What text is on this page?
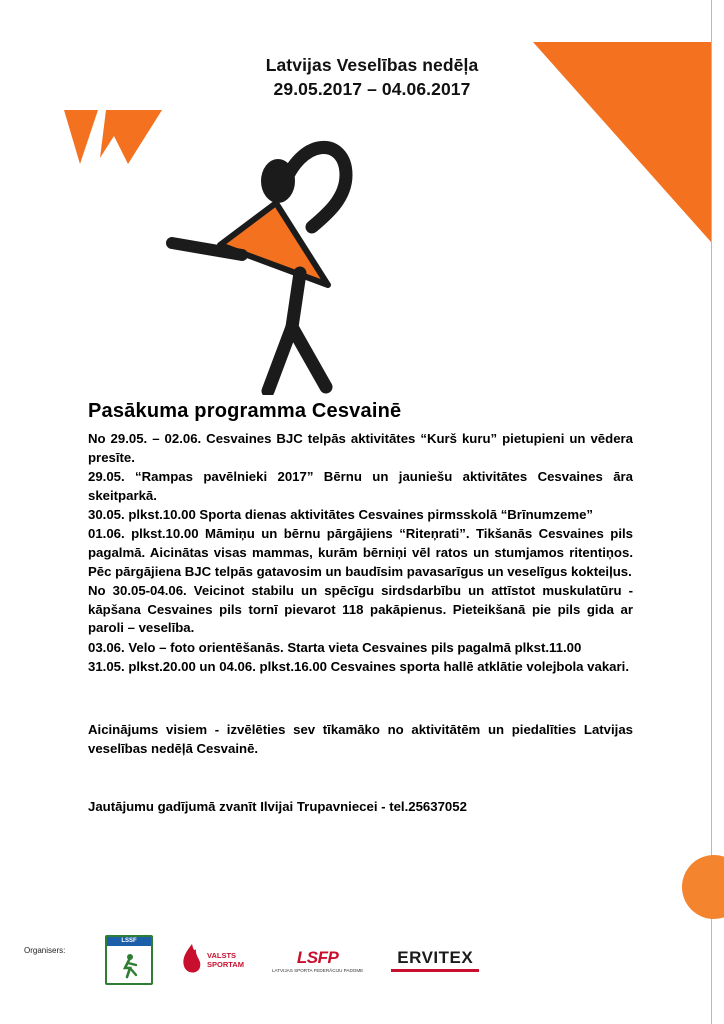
Latvijas Veselības nedēļa
29.05.2017 – 04.06.2017
Pasākuma programma Cesvainē

No 29.05. – 02.06. Cesvaines BJC telpās aktivitātes “Kurš kuru” pietupieni un vēdera presīte.

29.05. “Rampas pavēlnieki 2017” Bērnu un jauniešu aktivitātes Cesvaines āra skeitparkā.

30.05. plkst.10.00 Sporta dienas aktivitātes Cesvaines pirmsskolā “Brīnumzeme”

01.06. plkst.10.00 Māmiņu un bērnu pārgājiens “Riteņrati”. Tikšanās Cesvaines pils pagalmā. Aicinātas visas mammas, kurām bērniņi vēl ratos un stumjamos ritentiņos. Pēc pārgājiena BJC telpās gatavosim un baudīsim pavasarīgus un veselīgus kokteiļus.

No 30.05-04.06. Veicinot stabilu un spēcīgu sirdsdarbību un attīstot muskulatūru - kāpšana Cesvaines pils tornī pievarot 118 pakāpienus. Pieteikšanā pie pils gida ar paroli – veselība.

03.06. Velo – foto orientēšanās. Starta vieta Cesvaines pils pagalmā plkst.11.00

31.05. plkst.20.00 un 04.06. plkst.16.00 Cesvaines sporta hallē atklātie volejbola vakari.

Aicinājums visiem - izvēlēties sev tīkamāko no aktivitātēm un piedalīties Latvijas veselības nedēļā Cesvainē.

Jautājumu gadījumā zvanīt Ilvijai Trupavniecei - tel.25637052

Organisers:
LSSF
VALSTS
SPORTAM	LSFP
LATVIJAS SPORTA FEDERĀCIJU PADOME
ERVITEX
